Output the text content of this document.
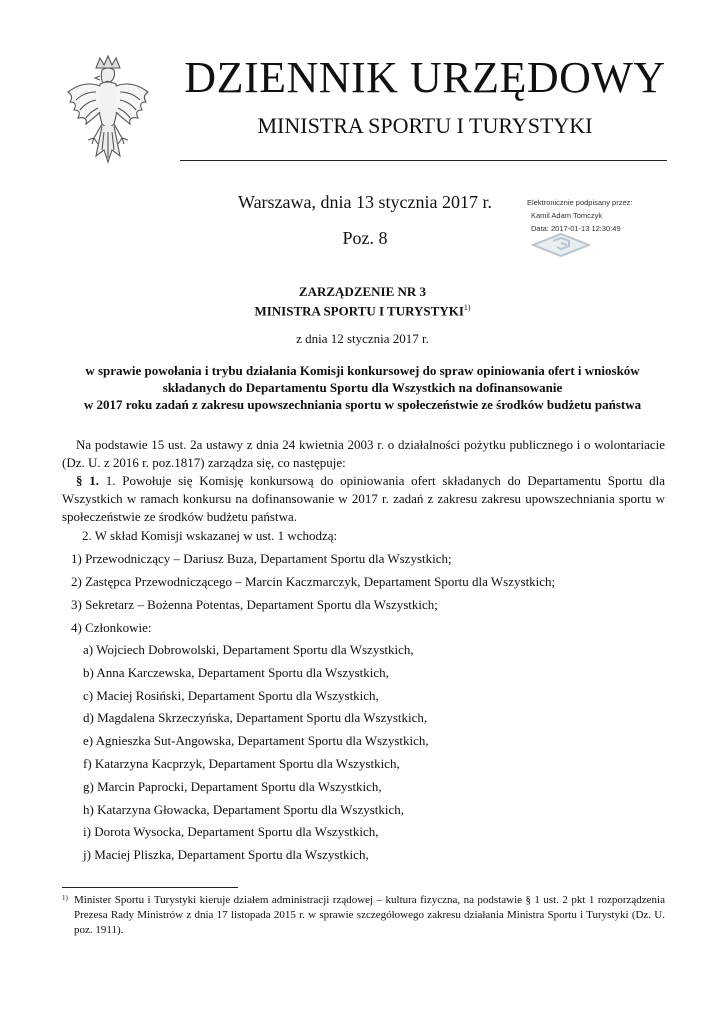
DZIENNIK URZĘDOWY
MINISTRA SPORTU I TURYSTYKI
Warszawa, dnia 13 stycznia 2017 r.
Poz. 8
Elektronicznie podpisany przez:
Kamil Adam Tomczyk
Data: 2017-01-13 12:30:49
ZARZĄDZENIE NR 3
MINISTRA SPORTU I TURYSTYKI$^{1)}$
z dnia 12 stycznia 2017 r.
w sprawie powołania i trybu działania Komisji konkursowej do spraw opiniowania ofert i wniosków
składanych do Departamentu Sportu dla Wszystkich na dofinansowanie
w 2017 roku zadań z zakresu upowszechniania sportu w społeczeństwie ze środków budżetu państwa
Na podstawie 15 ust. 2a ustawy z dnia 24 kwietnia 2003 r. o działalności pożytku publicznego i o wolontariacie (Dz. U. z 2016 r. poz.1817) zarządza się, co następuje:
§ 1. 1. Powołuje się Komisję konkursową do opiniowania ofert składanych do Departamentu Sportu dla Wszystkich w ramach konkursu na dofinansowanie w 2017 r. zadań z zakresu zakresu upowszechniania sportu w społeczeństwie ze środków budżetu państwa.
2. W skład Komisji wskazanej w ust. 1 wchodzą:
1) Przewodniczący – Dariusz Buza, Departament Sportu dla Wszystkich;
2) Zastępca Przewodniczącego – Marcin Kaczmarczyk, Departament Sportu dla Wszystkich;
3) Sekretarz – Bożenna Potentas, Departament Sportu dla Wszystkich;
4) Członkowie:
a) Wojciech Dobrowolski, Departament Sportu dla Wszystkich,
b) Anna Karczewska, Departament Sportu dla Wszystkich,
c) Maciej Rosiński, Departament Sportu dla Wszystkich,
d) Magdalena Skrzeczyńska, Departament Sportu dla Wszystkich,
e) Agnieszka Sut-Angowska, Departament Sportu dla Wszystkich,
f) Katarzyna Kacprzyk, Departament Sportu dla Wszystkich,
g) Marcin Paprocki, Departament Sportu dla Wszystkich,
h) Katarzyna Głowacka, Departament Sportu dla Wszystkich,
i) Dorota Wysocka, Departament Sportu dla Wszystkich,
j) Maciej Pliszka, Departament Sportu dla Wszystkich,
1) Minister Sportu i Turystyki kieruje działem administracji rządowej – kultura fizyczna, na podstawie § 1 ust. 2 pkt 1 rozporządzenia Prezesa Rady Ministrów z dnia 17 listopada 2015 r. w sprawie szczegółowego zakresu działania Ministra Sportu i Turystyki (Dz. U. poz. 1911).
